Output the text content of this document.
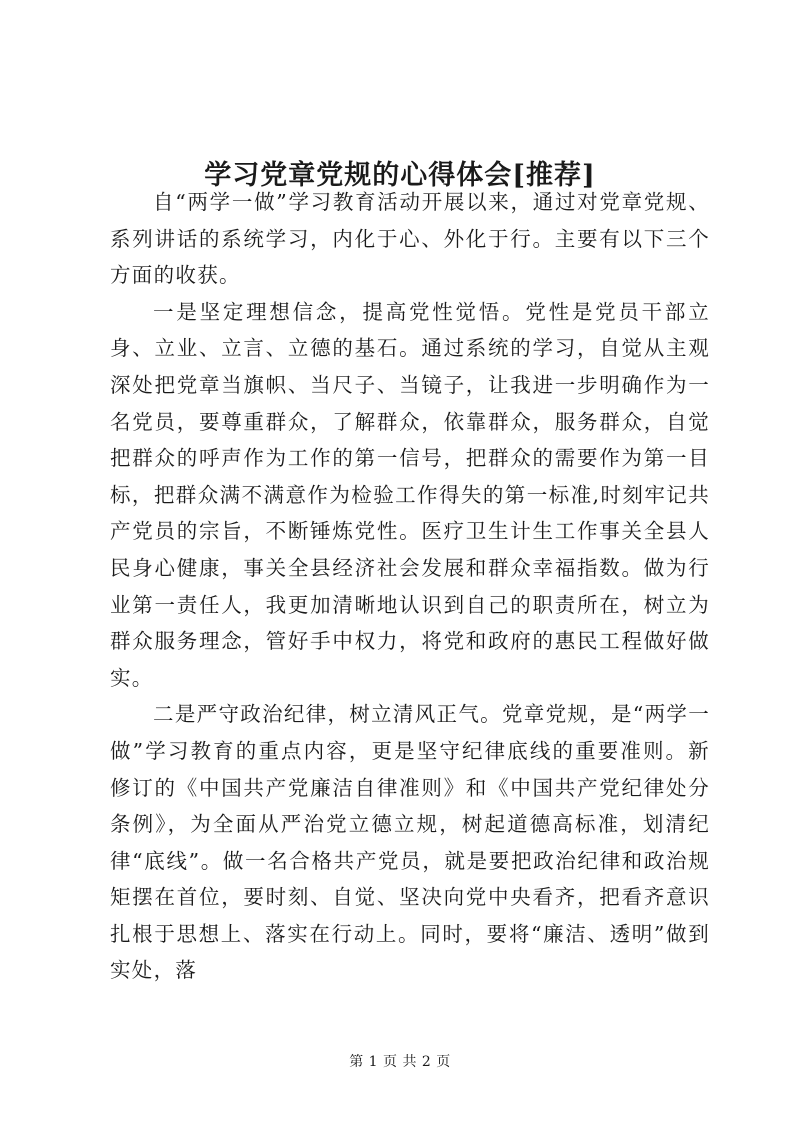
学习党章党规的心得体会[推荐]

自“两学一做”学习教育活动开展以来，通过对党章党规、系列讲话的系统学习，内化于心、外化于行。主要有以下三个方面的收获。

一是坚定理想信念，提高党性觉悟。党性是党员干部立身、立业、立言、立德的基石。通过系统的学习，自觉从主观深处把党章当旗帜、当尺子、当镜子，让我进一步明确作为一名党员，要尊重群众，了解群众，依靠群众，服务群众，自觉把群众的呼声作为工作的第一信号，把群众的需要作为第一目标，把群众满不满意作为检验工作得失的第一标准,时刻牢记共产党员的宗旨，不断锤炼党性。医疗卫生计生工作事关全县人民身心健康，事关全县经济社会发展和群众幸福指数。做为行业第一责任人，我更加清晰地认识到自己的职责所在，树立为群众服务理念，管好手中权力，将党和政府的惠民工程做好做实。

二是严守政治纪律，树立清风正气。党章党规，是“两学一做”学习教育的重点内容，更是坚守纪律底线的重要准则。新修订的《中国共产党廉洁自律准则》和《中国共产党纪律处分条例》，为全面从严治党立德立规，树起道德高标准，划清纪律“底线”。做一名合格共产党员，就是要把政治纪律和政治规矩摆在首位，要时刻、自觉、坚决向党中央看齐，把看齐意识扎根于思想上、落实在行动上。同时，要将“廉洁、透明”做到实处，落

第 1 页 共 2 页
